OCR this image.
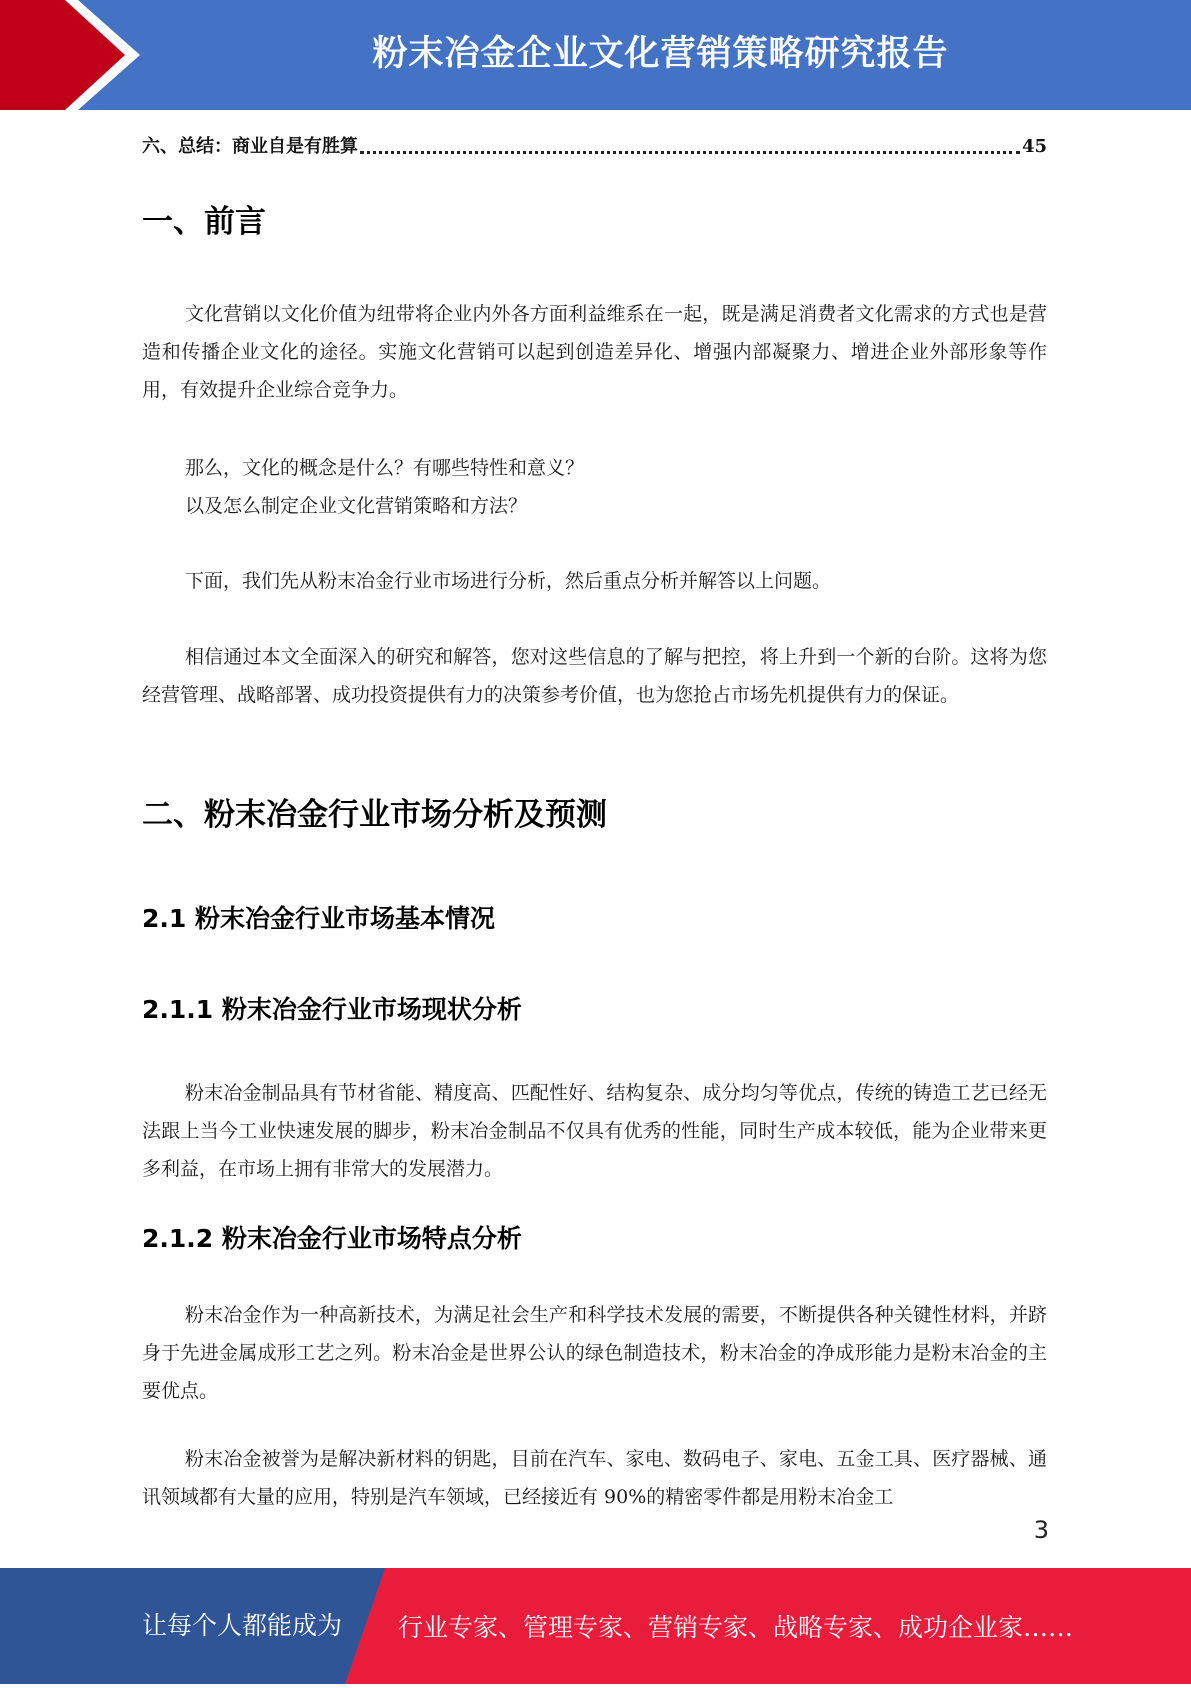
粉末冶金企业文化营销策略研究报告
六、总结：商业自是有胜算	45
一、前言
文化营销以文化价值为纽带将企业内外各方面利益维系在一起，既是满足消费者文化需求的方式也是营造和传播企业文化的途径。实施文化营销可以起到创造差异化、增强内部凝聚力、增进企业外部形象等作用，有效提升企业综合竞争力。
那么，文化的概念是什么？有哪些特性和意义？
以及怎么制定企业文化营销策略和方法？
下面，我们先从粉末冶金行业市场进行分析，然后重点分析并解答以上问题。
相信通过本文全面深入的研究和解答，您对这些信息的了解与把控，将上升到一个新的台阶。这将为您经营管理、战略部署、成功投资提供有力的决策参考价值，也为您抢占市场先机提供有力的保证。
二、粉末冶金行业市场分析及预测
2.1 粉末冶金行业市场基本情况
2.1.1 粉末冶金行业市场现状分析
粉末冶金制品具有节材省能、精度高、匹配性好、结构复杂、成分均匀等优点，传统的铸造工艺已经无法跟上当今工业快速发展的脚步，粉末冶金制品不仅具有优秀的性能，同时生产成本较低，能为企业带来更多利益，在市场上拥有非常大的发展潜力。
2.1.2 粉末冶金行业市场特点分析
粉末冶金作为一种高新技术，为满足社会生产和科学技术发展的需要，不断提供各种关键性材料，并跻身于先进金属成形工艺之列。粉末冶金是世界公认的绿色制造技术，粉末冶金的净成形能力是粉末冶金的主要优点。
粉末冶金被誉为是解决新材料的钥匙，目前在汽车、家电、数码电子、家电、五金工具、医疗器械、通讯领域都有大量的应用，特别是汽车领域，已经接近有 90%的精密零件都是用粉末冶金工
3
让每个人都能成为 行业专家、管理专家、营销专家、战略专家、成功企业家……
